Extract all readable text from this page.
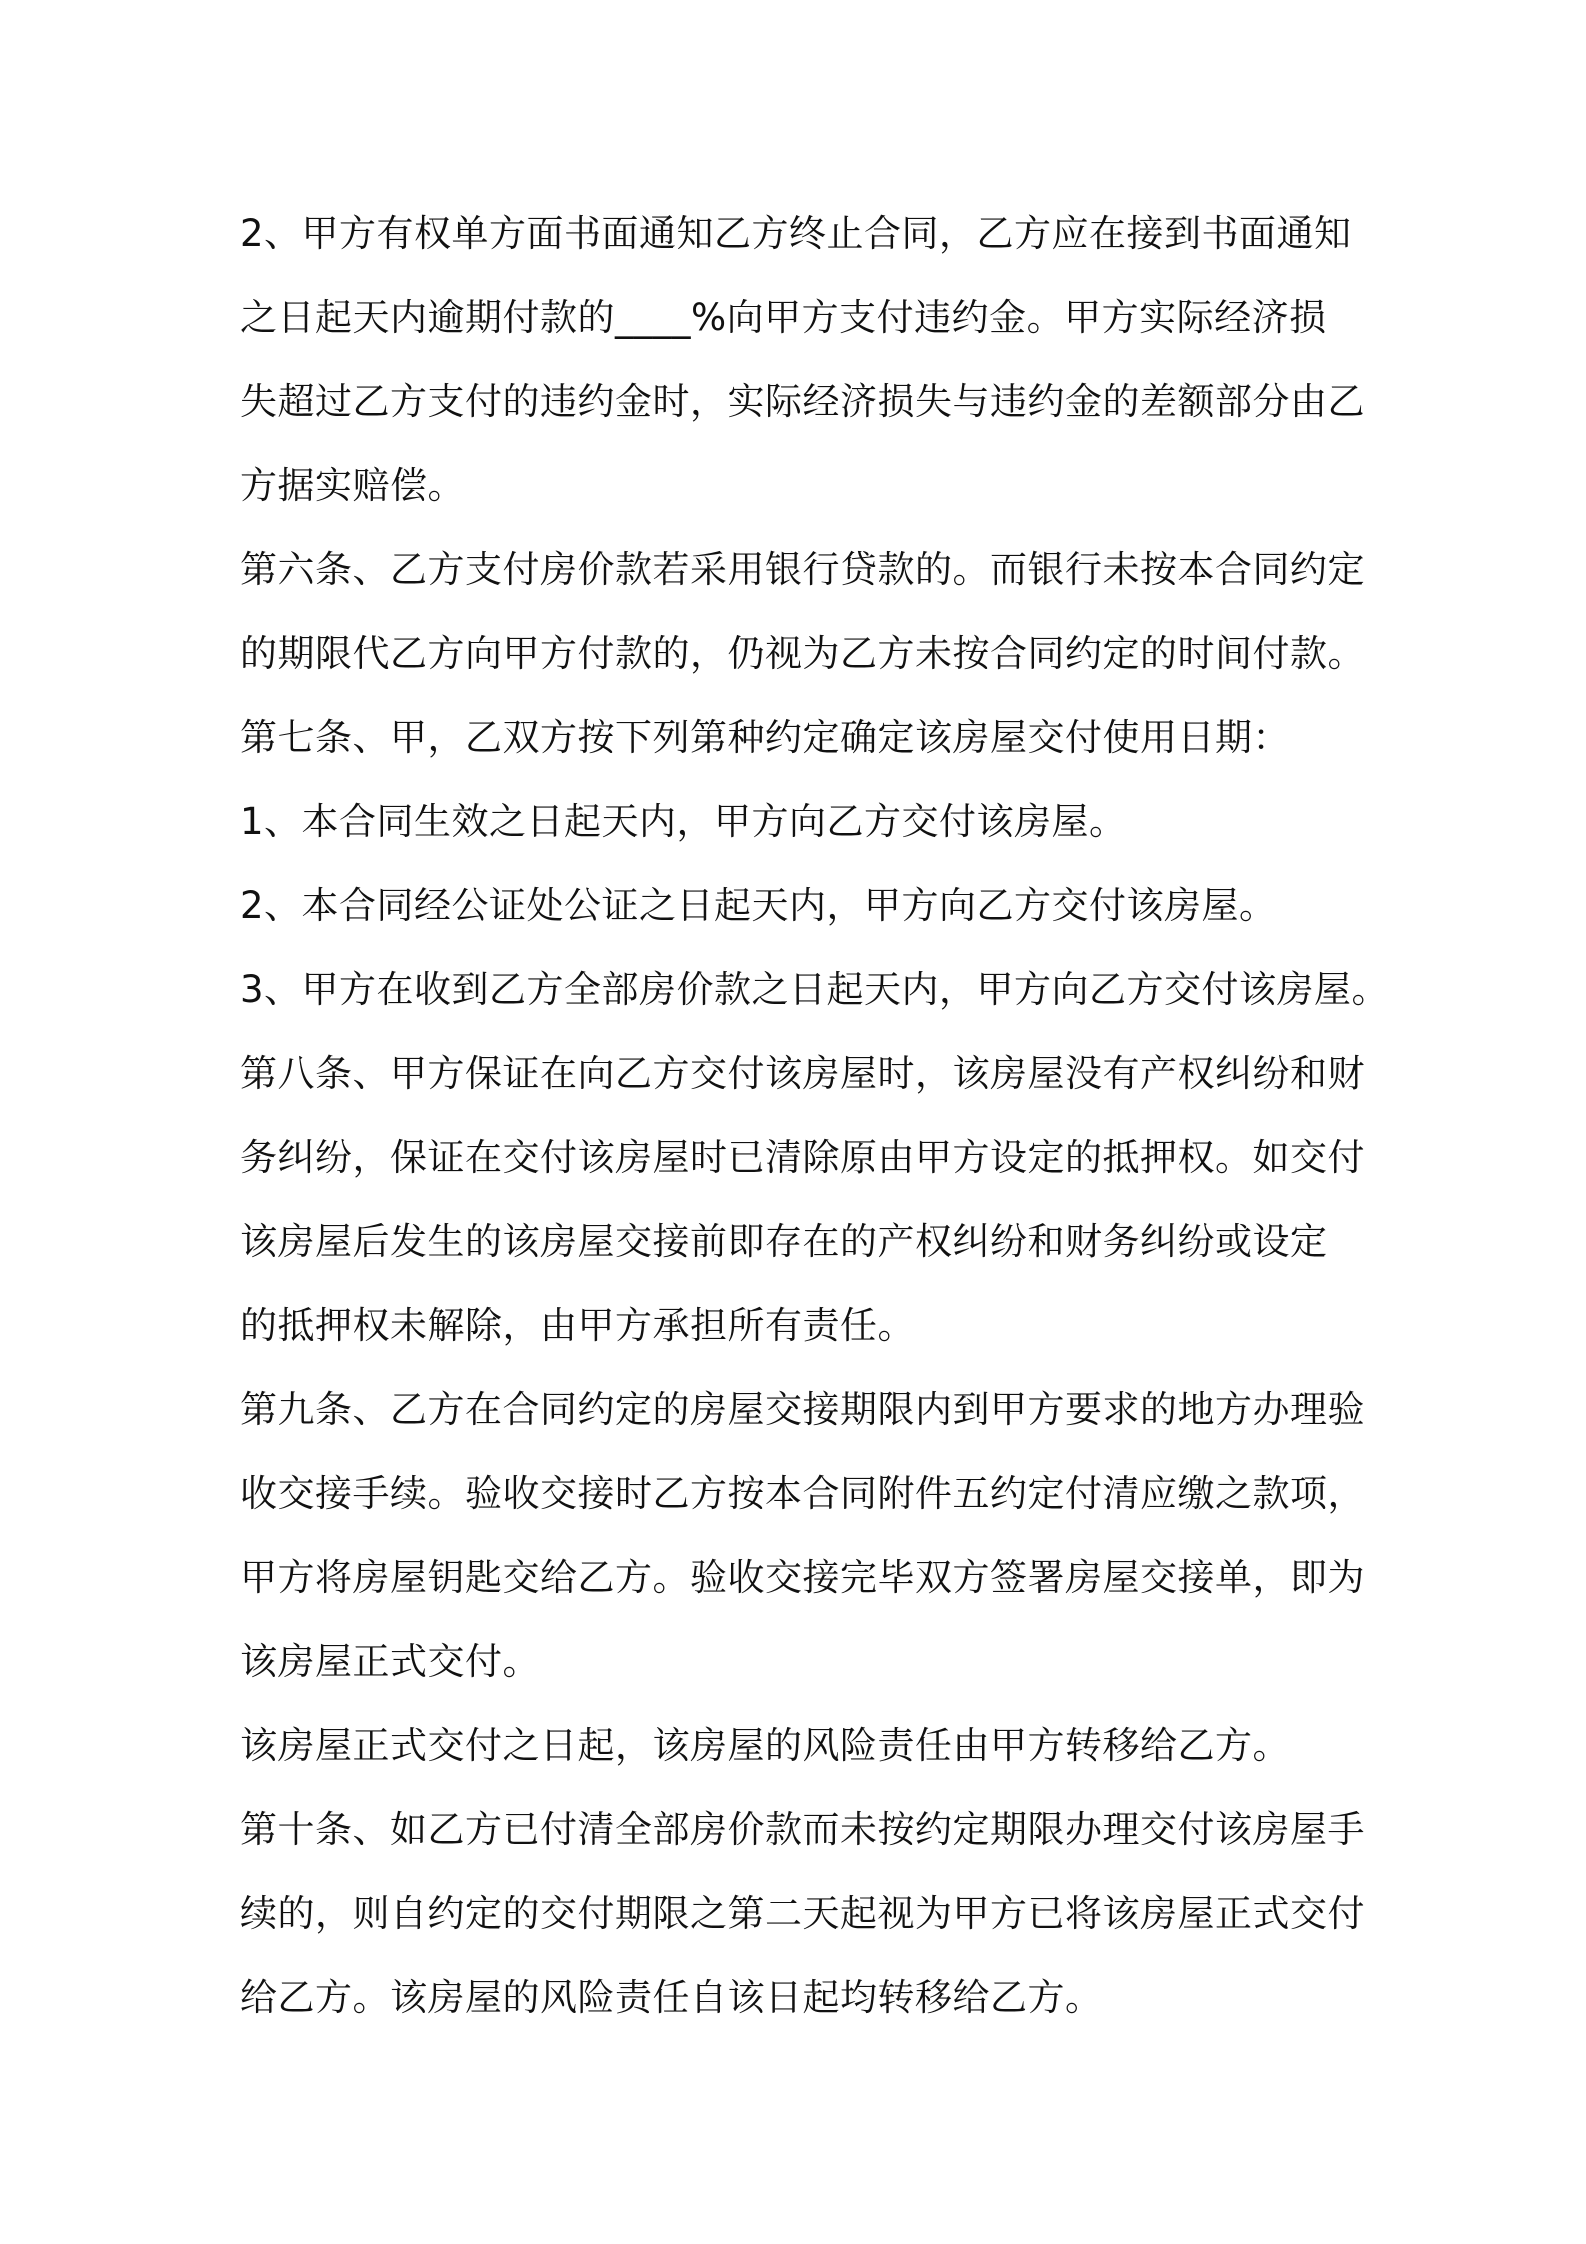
2、甲方有权单方面书面通知乙方终止合同，乙方应在接到书面通知
之日起天内逾期付款的____%向甲方支付违约金。甲方实际经济损
失超过乙方支付的违约金时，实际经济损失与违约金的差额部分由乙
方据实赔偿。
第六条、乙方支付房价款若采用银行贷款的。而银行未按本合同约定
的期限代乙方向甲方付款的，仍视为乙方未按合同约定的时间付款。
第七条、甲，乙双方按下列第种约定确定该房屋交付使用日期：
1、本合同生效之日起天内，甲方向乙方交付该房屋。
2、本合同经公证处公证之日起天内，甲方向乙方交付该房屋。
3、甲方在收到乙方全部房价款之日起天内，甲方向乙方交付该房屋。
第八条、甲方保证在向乙方交付该房屋时，该房屋没有产权纠纷和财
务纠纷，保证在交付该房屋时已清除原由甲方设定的抵押权。如交付
该房屋后发生的该房屋交接前即存在的产权纠纷和财务纠纷或设定
的抵押权未解除，由甲方承担所有责任。
第九条、乙方在合同约定的房屋交接期限内到甲方要求的地方办理验
收交接手续。验收交接时乙方按本合同附件五约定付清应缴之款项，
甲方将房屋钥匙交给乙方。验收交接完毕双方签署房屋交接单，即为
该房屋正式交付。
该房屋正式交付之日起，该房屋的风险责任由甲方转移给乙方。
第十条、如乙方已付清全部房价款而未按约定期限办理交付该房屋手
续的，则自约定的交付期限之第二天起视为甲方已将该房屋正式交付
给乙方。该房屋的风险责任自该日起均转移给乙方。
